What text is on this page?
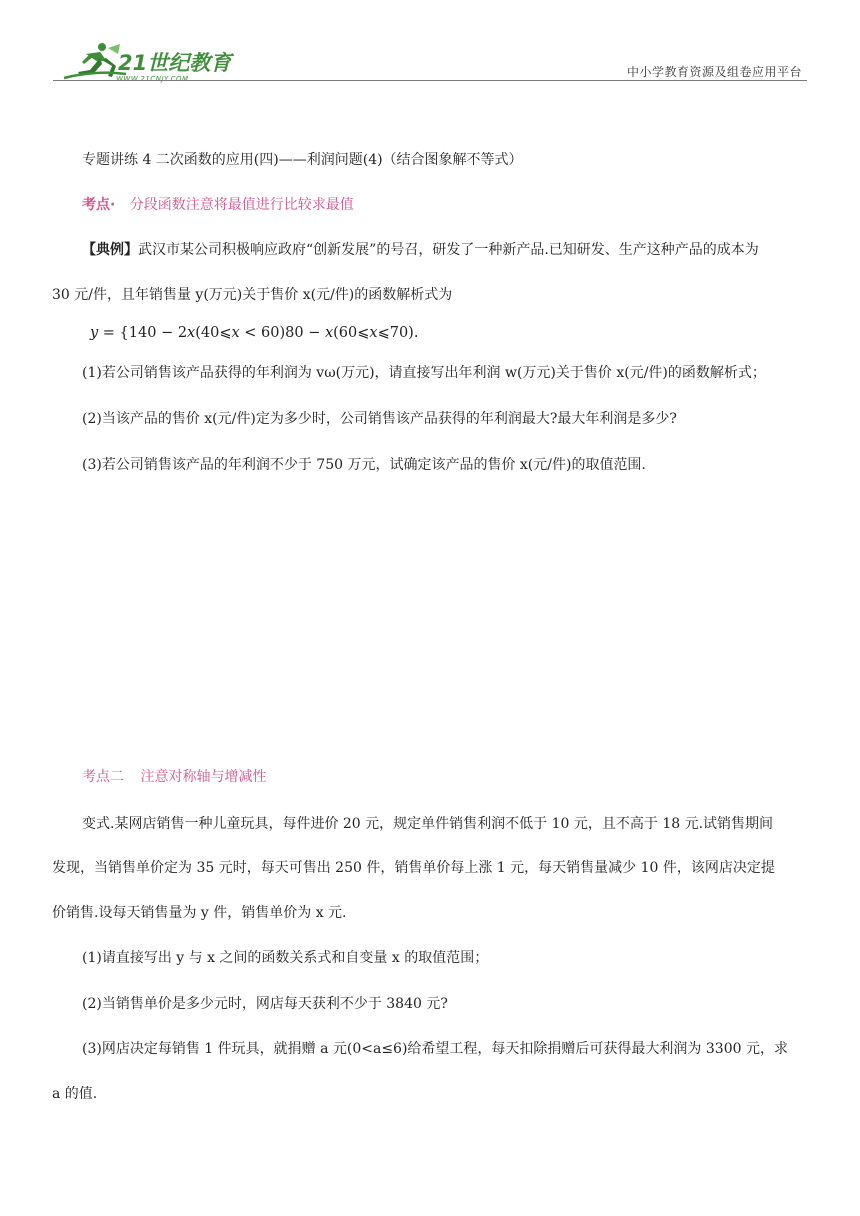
21世纪教育
WWW.21CNJY.COM	中小学教育资源及组卷应用平台
专题讲练 4 二次函数的应用(四)——利润问题(4)（结合图象解不等式）
考点· 分段函数注意将最值进行比较求最值
【典例】武汉市某公司积极响应政府“创新发展”的号召，研发了一种新产品.已知研发、生产这种产品的成本为
30 元/件，且年销售量 y(万元)关于售价 x(元/件)的函数解析式为
𝑦 = {140 − 2𝑥(40⩽𝑥 < 60)80 − 𝑥(60⩽𝑥⩽70).
(1)若公司销售该产品获得的年利润为 vω(万元)，请直接写出年利润 w(万元)关于售价 x(元/件)的函数解析式；
(2)当该产品的售价 x(元/件)定为多少时，公司销售该产品获得的年利润最大?最大年利润是多少?
(3)若公司销售该产品的年利润不少于 750 万元，试确定该产品的售价 x(元/件)的取值范围.
考点二 注意对称轴与增减性
变式.某网店销售一种儿童玩具，每件进价 20 元，规定单件销售利润不低于 10 元，且不高于 18 元.试销售期间
发现，当销售单价定为 35 元时，每天可售出 250 件，销售单价每上涨 1 元，每天销售量减少 10 件，该网店决定提
价销售.设每天销售量为 y 件，销售单价为 x 元.
(1)请直接写出 y 与 x 之间的函数关系式和自变量 x 的取值范围；
(2)当销售单价是多少元时，网店每天获利不少于 3840 元?
(3)网店决定每销售 1 件玩具，就捐赠 a 元(0<a≤6)给希望工程，每天扣除捐赠后可获得最大利润为 3300 元，求
a 的值.
